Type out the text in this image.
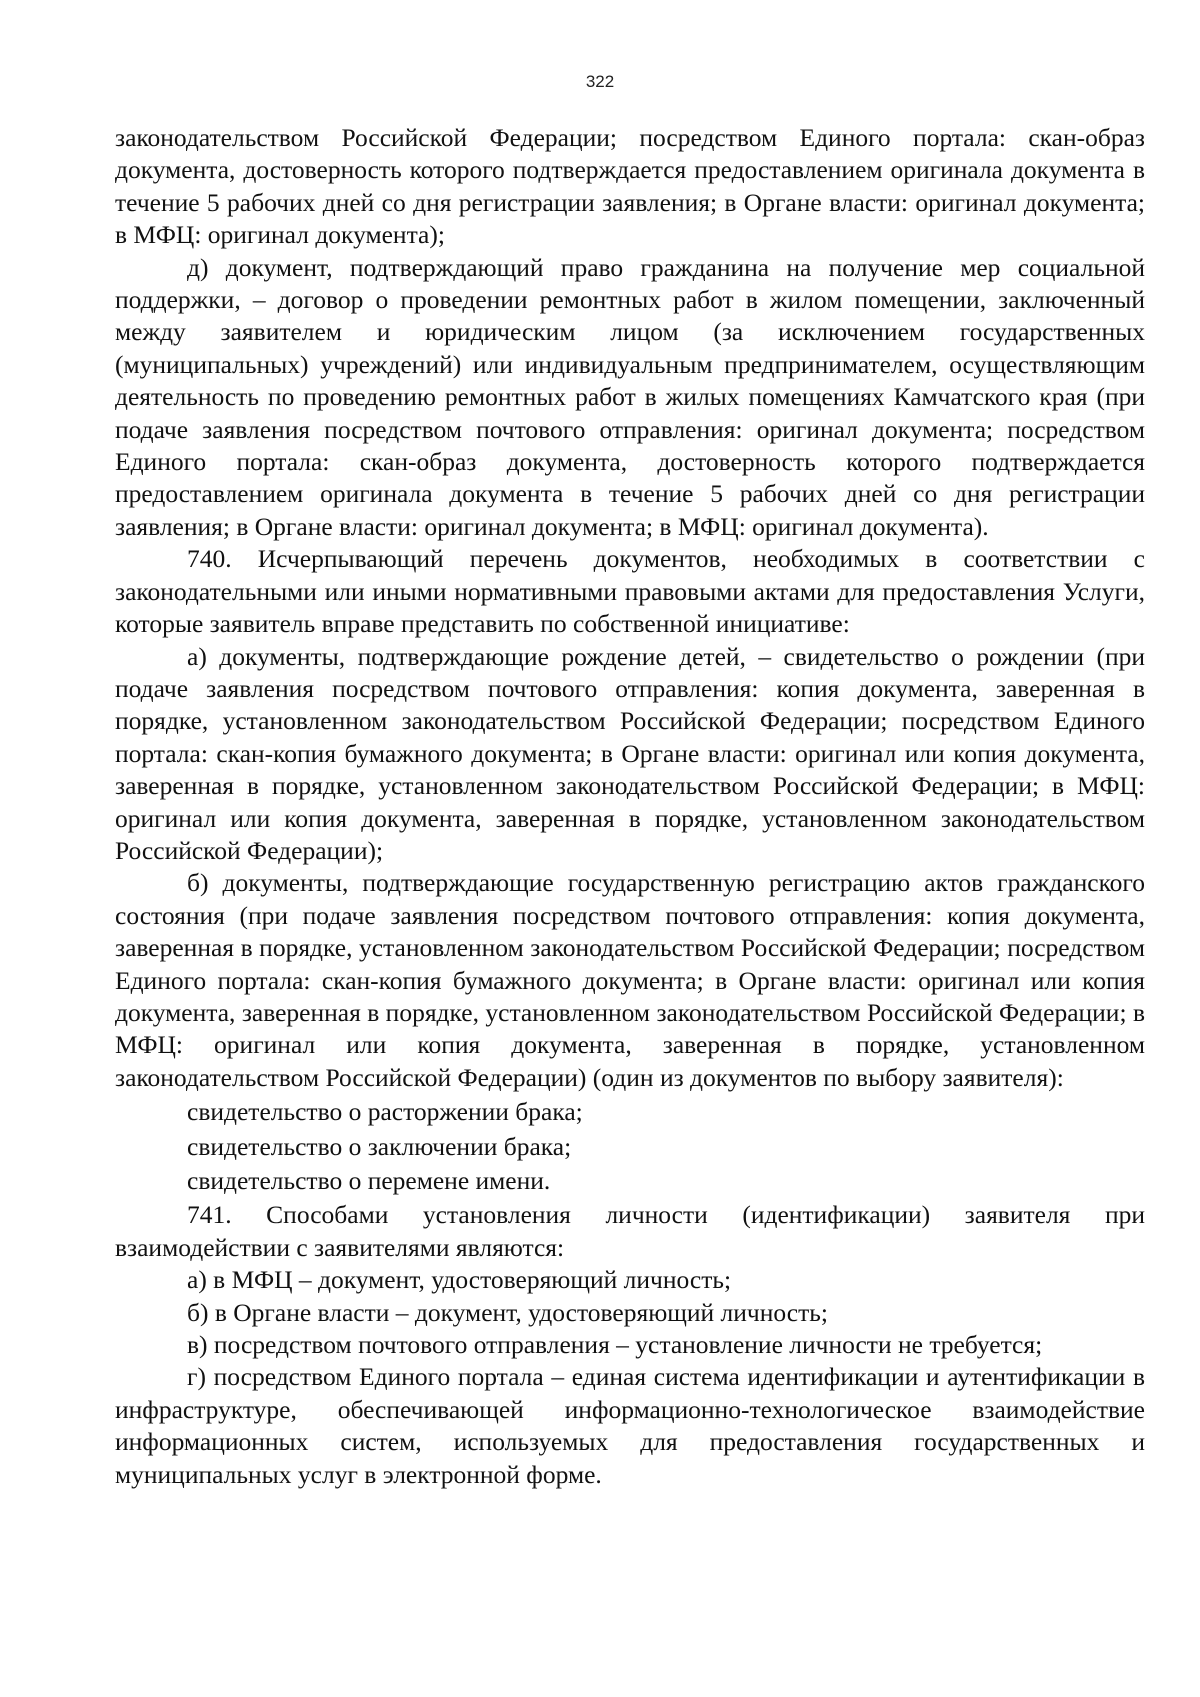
322

законодательством Российской Федерации; посредством Единого портала: скан-образ документа, достоверность которого подтверждается предоставлением оригинала документа в течение 5 рабочих дней со дня регистрации заявления; в Органе власти: оригинал документа; в МФЦ: оригинал документа);

д) документ, подтверждающий право гражданина на получение мер социальной поддержки, – договор о проведении ремонтных работ в жилом помещении, заключенный между заявителем и юридическим лицом (за исключением государственных (муниципальных) учреждений) или индивидуальным предпринимателем, осуществляющим деятельность по проведению ремонтных работ в жилых помещениях Камчатского края (при подаче заявления посредством почтового отправления: оригинал документа; посредством Единого портала: скан-образ документа, достоверность которого подтверждается предоставлением оригинала документа в течение 5 рабочих дней со дня регистрации заявления; в Органе власти: оригинал документа; в МФЦ: оригинал документа).

740. Исчерпывающий перечень документов, необходимых в соответствии с законодательными или иными нормативными правовыми актами для предоставления Услуги, которые заявитель вправе представить по собственной инициативе:

а) документы, подтверждающие рождение детей, – свидетельство о рождении (при подаче заявления посредством почтового отправления: копия документа, заверенная в порядке, установленном законодательством Российской Федерации; посредством Единого портала: скан-копия бумажного документа; в Органе власти: оригинал или копия документа, заверенная в порядке, установленном законодательством Российской Федерации; в МФЦ: оригинал или копия документа, заверенная в порядке, установленном законодательством Российской Федерации);

б) документы, подтверждающие государственную регистрацию актов гражданского состояния (при подаче заявления посредством почтового отправления: копия документа, заверенная в порядке, установленном законодательством Российской Федерации; посредством Единого портала: скан-копия бумажного документа; в Органе власти: оригинал или копия документа, заверенная в порядке, установленном законодательством Российской Федерации; в МФЦ: оригинал или копия документа, заверенная в порядке, установленном законодательством Российской Федерации) (один из документов по выбору заявителя):

свидетельство о расторжении брака;

свидетельство о заключении брака;

свидетельство о перемене имени.

741. Способами установления личности (идентификации) заявителя при взаимодействии с заявителями являются:

а) в МФЦ – документ, удостоверяющий личность;

б) в Органе власти – документ, удостоверяющий личность;

в) посредством почтового отправления – установление личности не требуется;

г) посредством Единого портала – единая система идентификации и аутентификации в инфраструктуре, обеспечивающей информационно-технологическое взаимодействие информационных систем, используемых для предоставления государственных и муниципальных услуг в электронной форме.
